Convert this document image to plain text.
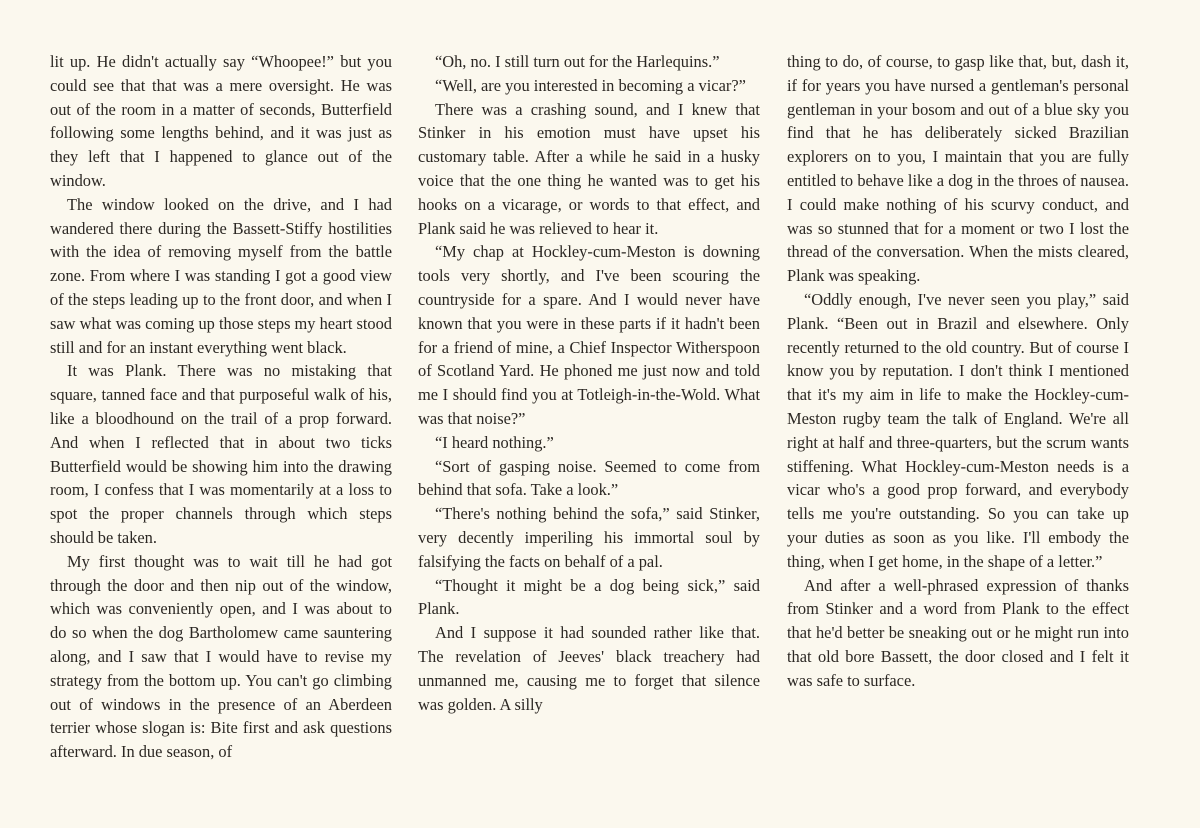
lit up. He didn't actually say “Whoopee!” but you could see that that was a mere oversight. He was out of the room in a matter of seconds, Butterfield following some lengths behind, and it was just as they left that I happened to glance out of the window.

The window looked on the drive, and I had wandered there during the Bassett-Stiffy hostilities with the idea of removing myself from the battle zone. From where I was standing I got a good view of the steps leading up to the front door, and when I saw what was coming up those steps my heart stood still and for an instant everything went black.

It was Plank. There was no mistaking that square, tanned face and that purposeful walk of his, like a bloodhound on the trail of a prop forward. And when I reflected that in about two ticks Butterfield would be showing him into the drawing room, I confess that I was momentarily at a loss to spot the proper channels through which steps should be taken.

My first thought was to wait till he had got through the door and then nip out of the window, which was conveniently open, and I was about to do so when the dog Bartholomew came sauntering along, and I saw that I would have to revise my strategy from the bottom up. You can't go climbing out of windows in the presence of an Aberdeen terrier whose slogan is: Bite first and ask questions afterward. In due season, of

“Oh, no. I still turn out for the Harlequins.”

“Well, are you interested in becoming a vicar?”

There was a crashing sound, and I knew that Stinker in his emotion must have upset his customary table. After a while he said in a husky voice that the one thing he wanted was to get his hooks on a vicarage, or words to that effect, and Plank said he was relieved to hear it.

“My chap at Hockley-cum-Meston is downing tools very shortly, and I've been scouring the countryside for a spare. And I would never have known that you were in these parts if it hadn't been for a friend of mine, a Chief Inspector Witherspoon of Scotland Yard. He phoned me just now and told me I should find you at Totleigh-in-the-Wold. What was that noise?”

“I heard nothing.”

“Sort of gasping noise. Seemed to come from behind that sofa. Take a look.”

“There's nothing behind the sofa,” said Stinker, very decently imperiling his immortal soul by falsifying the facts on behalf of a pal.

“Thought it might be a dog being sick,” said Plank.

And I suppose it had sounded rather like that. The revelation of Jeeves' black treachery had unmanned me, causing me to forget that silence was golden. A silly

thing to do, of course, to gasp like that, but, dash it, if for years you have nursed a gentleman's personal gentleman in your bosom and out of a blue sky you find that he has deliberately sicked Brazilian explorers on to you, I maintain that you are fully entitled to behave like a dog in the throes of nausea. I could make nothing of his scurvy conduct, and was so stunned that for a moment or two I lost the thread of the conversation. When the mists cleared, Plank was speaking.

“Oddly enough, I've never seen you play,” said Plank. “Been out in Brazil and elsewhere. Only recently returned to the old country. But of course I know you by reputation. I don't think I mentioned that it's my aim in life to make the Hockley-cum-Meston rugby team the talk of England. We're all right at half and three-quarters, but the scrum wants stiffening. What Hockley-cum-Meston needs is a vicar who's a good prop forward, and everybody tells me you're outstanding. So you can take up your duties as soon as you like. I'll embody the thing, when I get home, in the shape of a letter.”

And after a well-phrased expression of thanks from Stinker and a word from Plank to the effect that he'd better be sneaking out or he might run into that old bore Bassett, the door closed and I felt it was safe to surface.
